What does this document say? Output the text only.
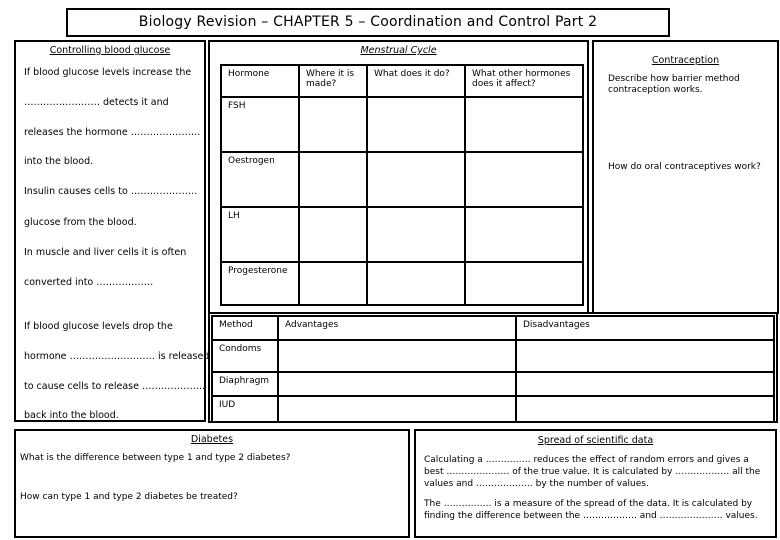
Biology Revision – CHAPTER 5 – Coordination and Control Part 2
Controlling blood glucose
If blood glucose levels increase the
…………………… detects it and
releases the hormone ………………….
into the blood.
Insulin causes cells to …………………
glucose from the blood.
In muscle and liver cells it is often
converted into ………………
If blood glucose levels drop the
hormone ……………………… is released
to cause cells to release ………………..
back into the blood.
Menstrual Cycle
Hormone	Where it is made?	What does it do?	What other hormones does it affect?
FSH			
Oestrogen			
LH			
Progesterone			
Contraception
Describe how barrier method contraception works.
How do oral contraceptives work?
Method	Advantages	Disadvantages
Condoms		
Diaphragm		
IUD		
Diabetes
What is the difference between type 1 and type 2 diabetes?
How can type 1 and type 2 diabetes be treated?
Spread of scientific data
Calculating a …………… reduces the effect of random errors and gives a best ………………… of the true value. It is calculated by ……………… all the values and ………………. by the number of values.
The ……………. is a measure of the spread of the data. It is calculated by finding the difference between the ……………… and ………………… values.
